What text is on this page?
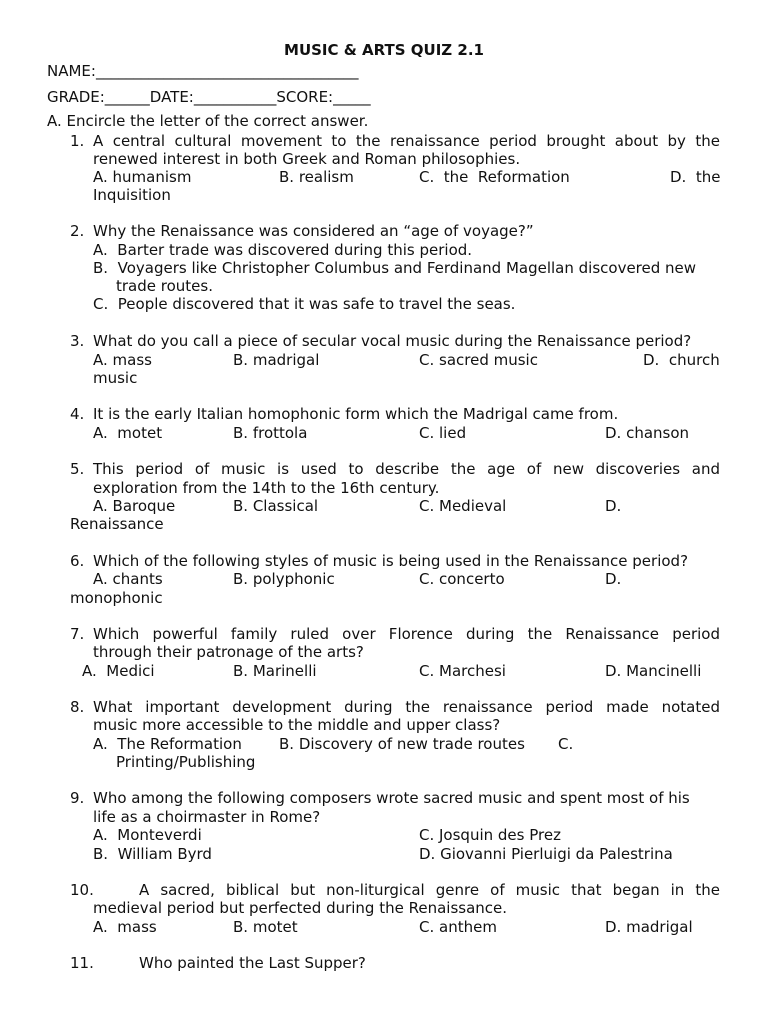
MUSIC & ARTS QUIZ 2.1
NAME:___________________________________
GRADE:______DATE:___________SCORE:_____
A. Encircle the letter of the correct answer.
1. A central cultural movement to the renaissance period brought about by the
renewed interest in both Greek and Roman philosophies.
A. humanism	B. realism	C.  the  Reformation	D.  the
Inquisition
2. Why the Renaissance was considered an “age of voyage?”
A.  Barter trade was discovered during this period.
B.  Voyagers like Christopher Columbus and Ferdinand Magellan discovered new
trade routes.
C.  People discovered that it was safe to travel the seas.
3. What do you call a piece of secular vocal music during the Renaissance period?
A. mass	B. madrigal	C. sacred music	D.  church
music
4. It is the early Italian homophonic form which the Madrigal came from.
A.  motet	B. frottola	C. lied	D. chanson
5. This period of music is used to describe the age of new discoveries and
exploration from the 14th to the 16th century.
A. Baroque	B. Classical	C. Medieval	D.
Renaissance
6. Which of the following styles of music is being used in the Renaissance period?
A. chants	B. polyphonic	C. concerto	D.
monophonic
7. Which powerful family ruled over Florence during the Renaissance period
through their patronage of the arts?
A.  Medici	B. Marinelli	C. Marchesi	D. Mancinelli
8. What important development during the renaissance period made notated
music more accessible to the middle and upper class?
A.  The Reformation B. Discovery of new trade routes C.
Printing/Publishing
9. Who among the following composers wrote sacred music and spent most of his
life as a choirmaster in Rome?
A.  Monteverdi	C. Josquin des Prez
B.  William Byrd	D. Giovanni Pierluigi da Palestrina
10.	A sacred, biblical but non-liturgical genre of music that began in the
medieval period but perfected during the Renaissance.
A.  mass	B. motet	C. anthem	D. madrigal
11.	Who painted the Last Supper?
